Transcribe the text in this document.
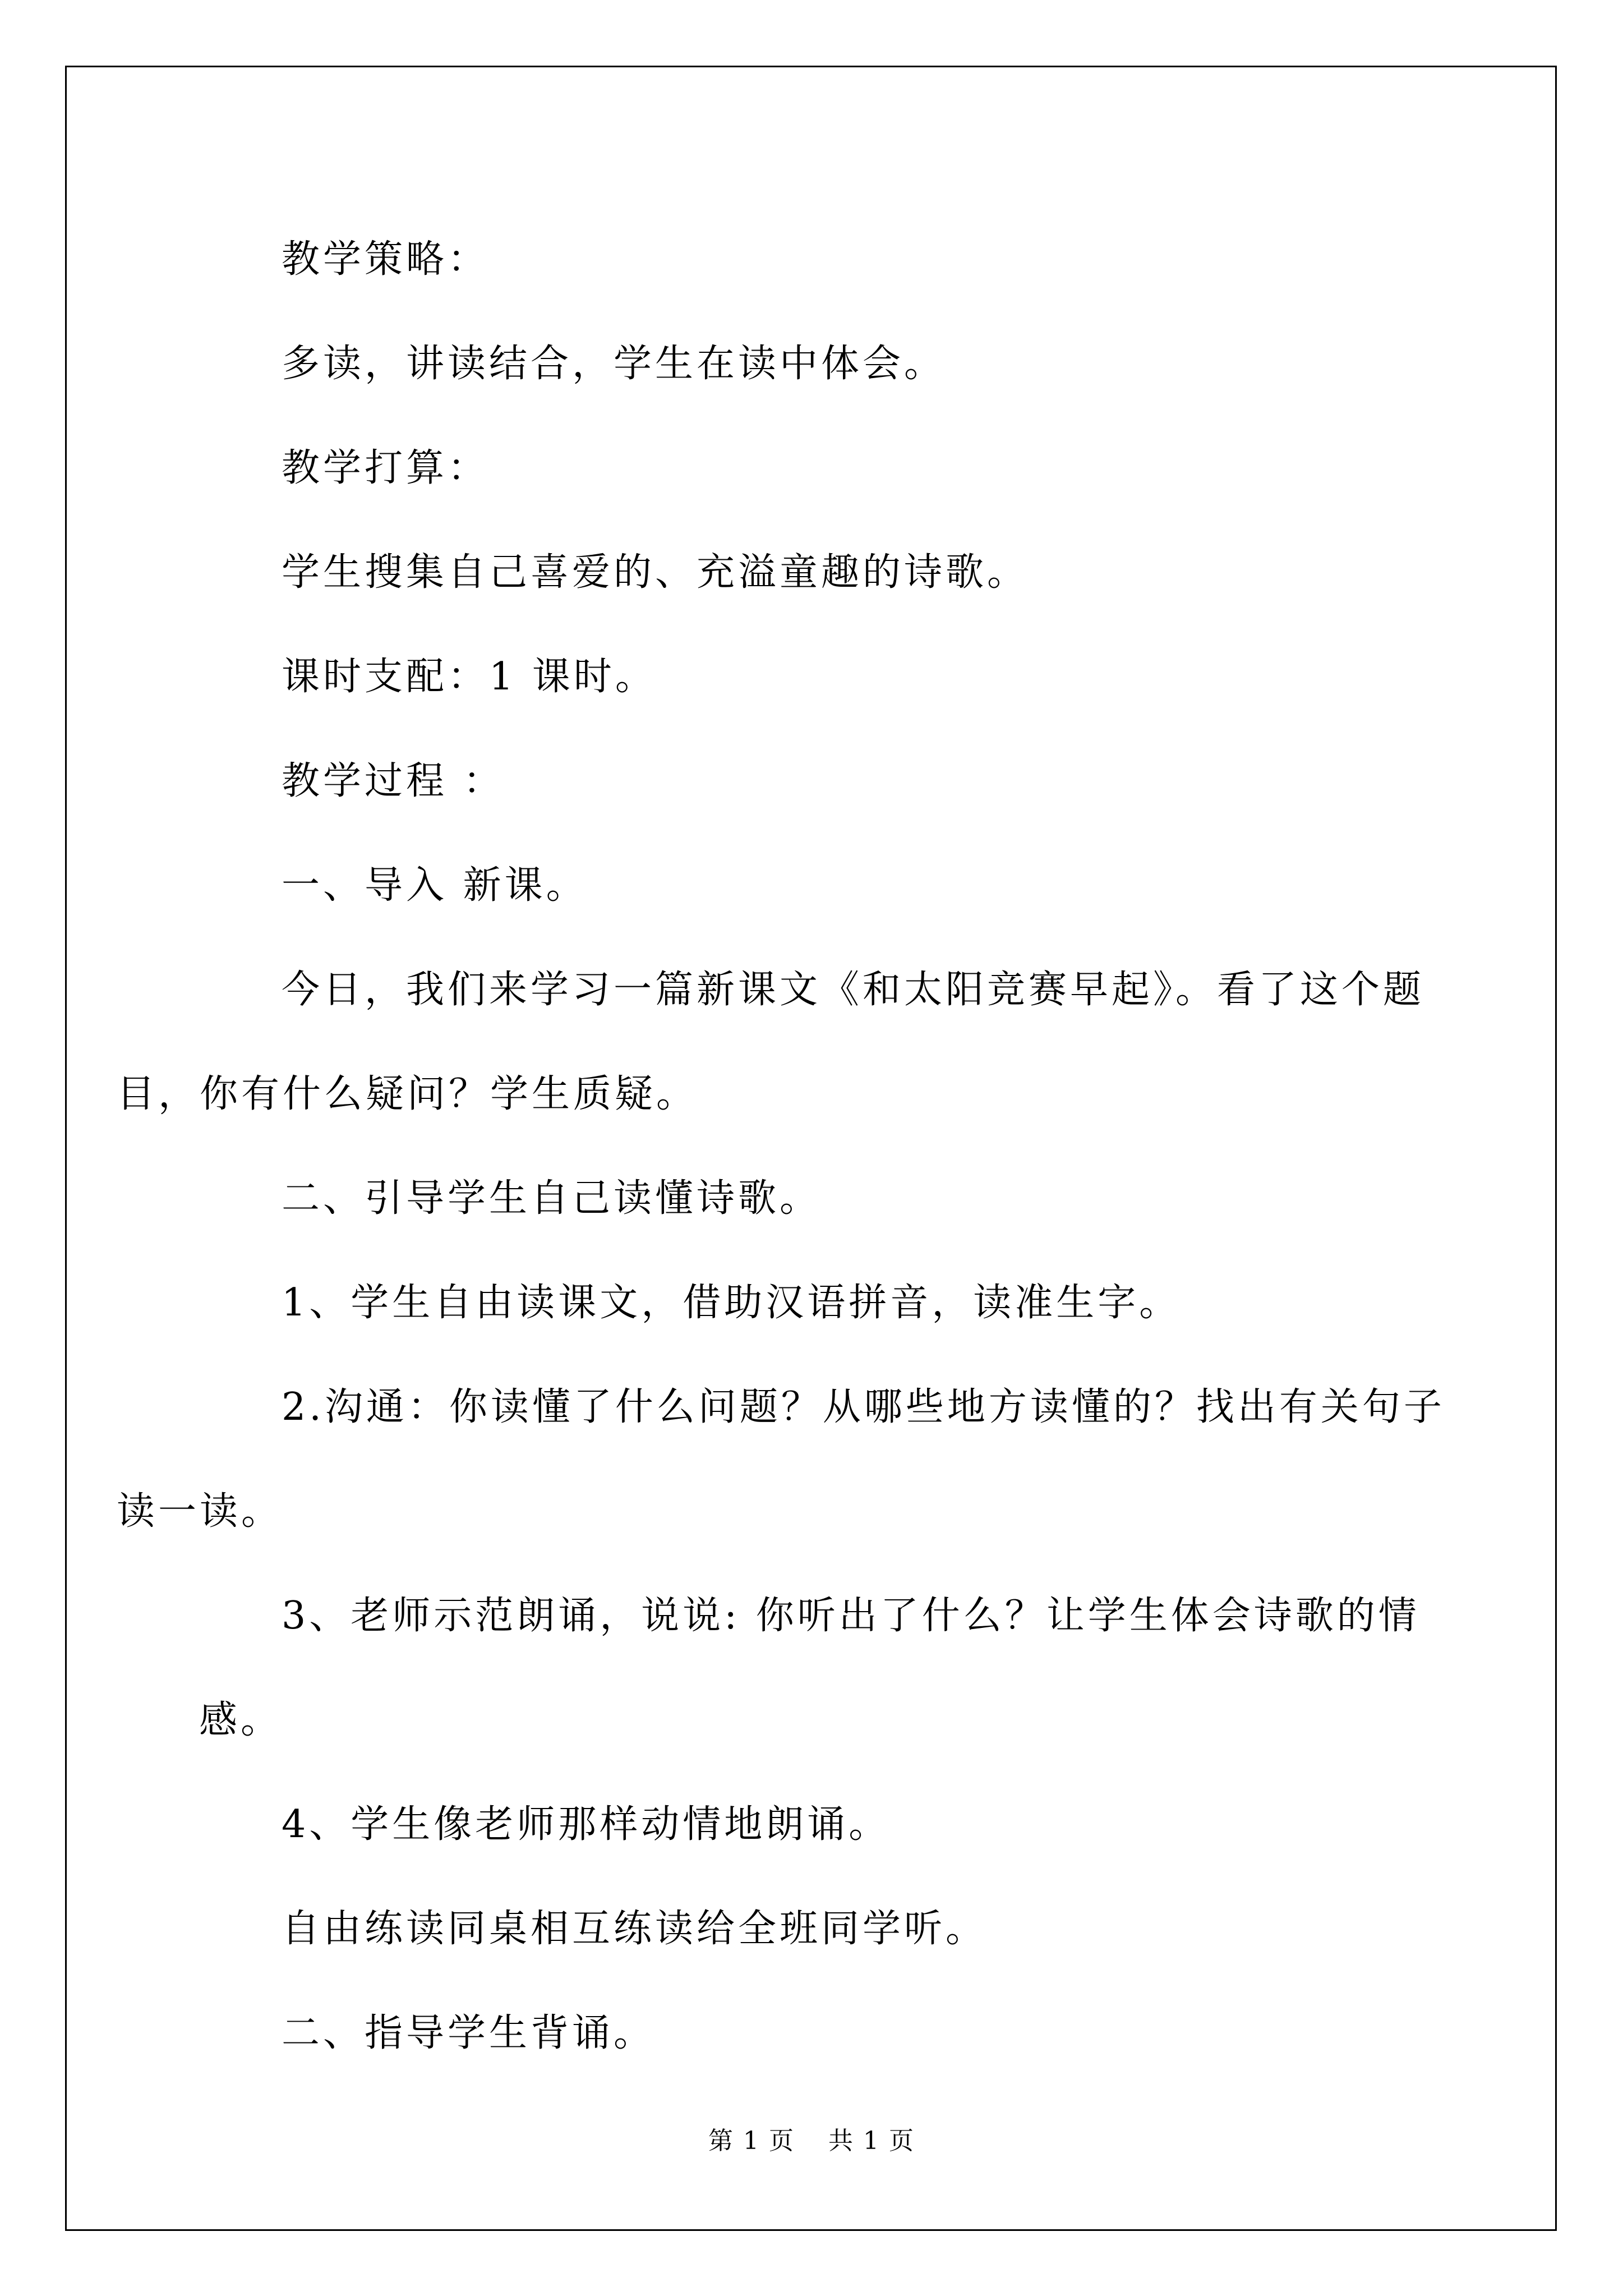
教学策略：

多读，讲读结合，学生在读中体会。

教学打算：

学生搜集自己喜爱的、充溢童趣的诗歌。

课时支配：1 课时。

教学过程 ：

一、导入 新课。

今日，我们来学习一篇新课文《和太阳竞赛早起》。看了这个题目，你有什么疑问？学生质疑。

二、引导学生自己读懂诗歌。

1、学生自由读课文，借助汉语拼音，读准生字。

2.沟通：你读懂了什么问题？从哪些地方读懂的？找出有关句子读一读。

3、老师示范朗诵，说说: 你听出了什么？让学生体会诗歌的情感。

4、学生像老师那样动情地朗诵。

自由练读同桌相互练读给全班同学听。

二、指导学生背诵。

第 1 页 共 1 页
